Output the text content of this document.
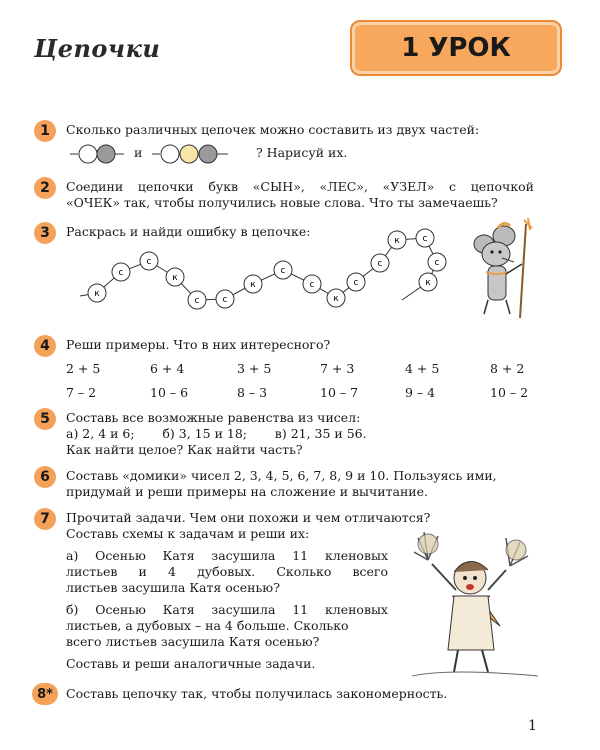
Цепочки	1 УРОК
1	Сколько различных цепочек можно составить из двух частей:
и	? Нарисуй их.
2	Соедини цепочки букв «СЫН», «ЛЕС», «УЗЕЛ» с цепочкой
«ОЧЕК» так, чтобы получились новые слова. Что ты замечаешь?
3	Раскрась и найди ошибку в цепочке:
к
с
с
к
с	с
к
с
с
к
с
с
к	с
с
к
4	Реши примеры. Что в них интересного?
2 + 5	6 + 4	3 + 5	7 + 3	4 + 5	8 + 2
7 – 2	10 – 6	8 – 3	10 – 7	9 – 4	10 – 2
5	Составь все возможные равенства из чисел:
а) 2, 4 и 6;       б) 3, 15 и 18;       в) 21, 35 и 56.
Как найти целое? Как найти часть?
6	Составь «домики» чисел 2, 3, 4, 5, 6, 7, 8, 9 и 10. Пользуясь ими,
придумай и реши примеры на сложение и вычитание.
7	Прочитай задачи. Чем они похожи и чем отличаются?
Составь схемы к задачам и реши их:
а) Осенью Катя засушила 11 кленовых
листьев и 4 дубовых. Сколько всего
листьев засушила Катя осенью?
б) Осенью Катя засушила 11 кленовых
листьев, а дубовых – на 4 больше. Сколько
всего листьев засушила Катя осенью?
Составь и реши аналогичные задачи.
8*	Составь цепочку так, чтобы получилась закономерность.
1
